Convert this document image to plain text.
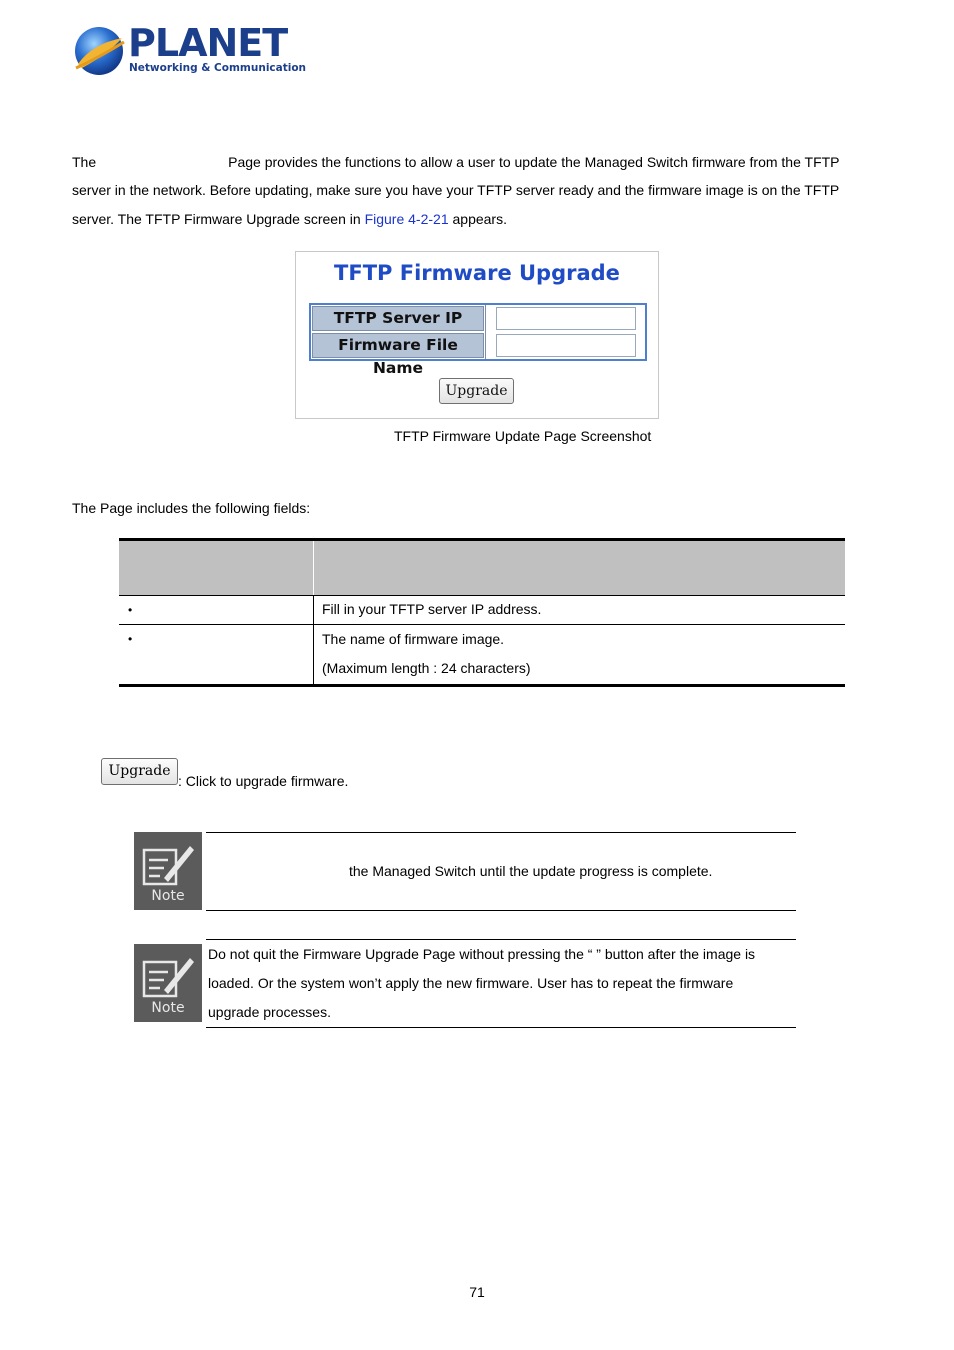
PLANET
Networking & Communication
The	Page provides the functions to allow a user to update the Managed Switch firmware from the TFTP
server in the network. Before updating, make sure you have your TFTP server ready and the firmware image is on the TFTP
server. The TFTP Firmware Upgrade screen in Figure 4-2-21 appears.
TFTP Firmware Upgrade
TFTP Server IP
Firmware File Name
Upgrade
TFTP Firmware Update Page Screenshot
The Page includes the following fields:
•	Fill in your TFTP server IP address.
•	The name of firmware image.
(Maximum length : 24 characters)
Upgrade
: Click to upgrade firmware.
Note
the Managed Switch until the update progress is complete.
Note
Do not quit the Firmware Upgrade Page without pressing the “ ” button after the image is
loaded. Or the system won’t apply the new firmware. User has to repeat the firmware
upgrade processes.
71
